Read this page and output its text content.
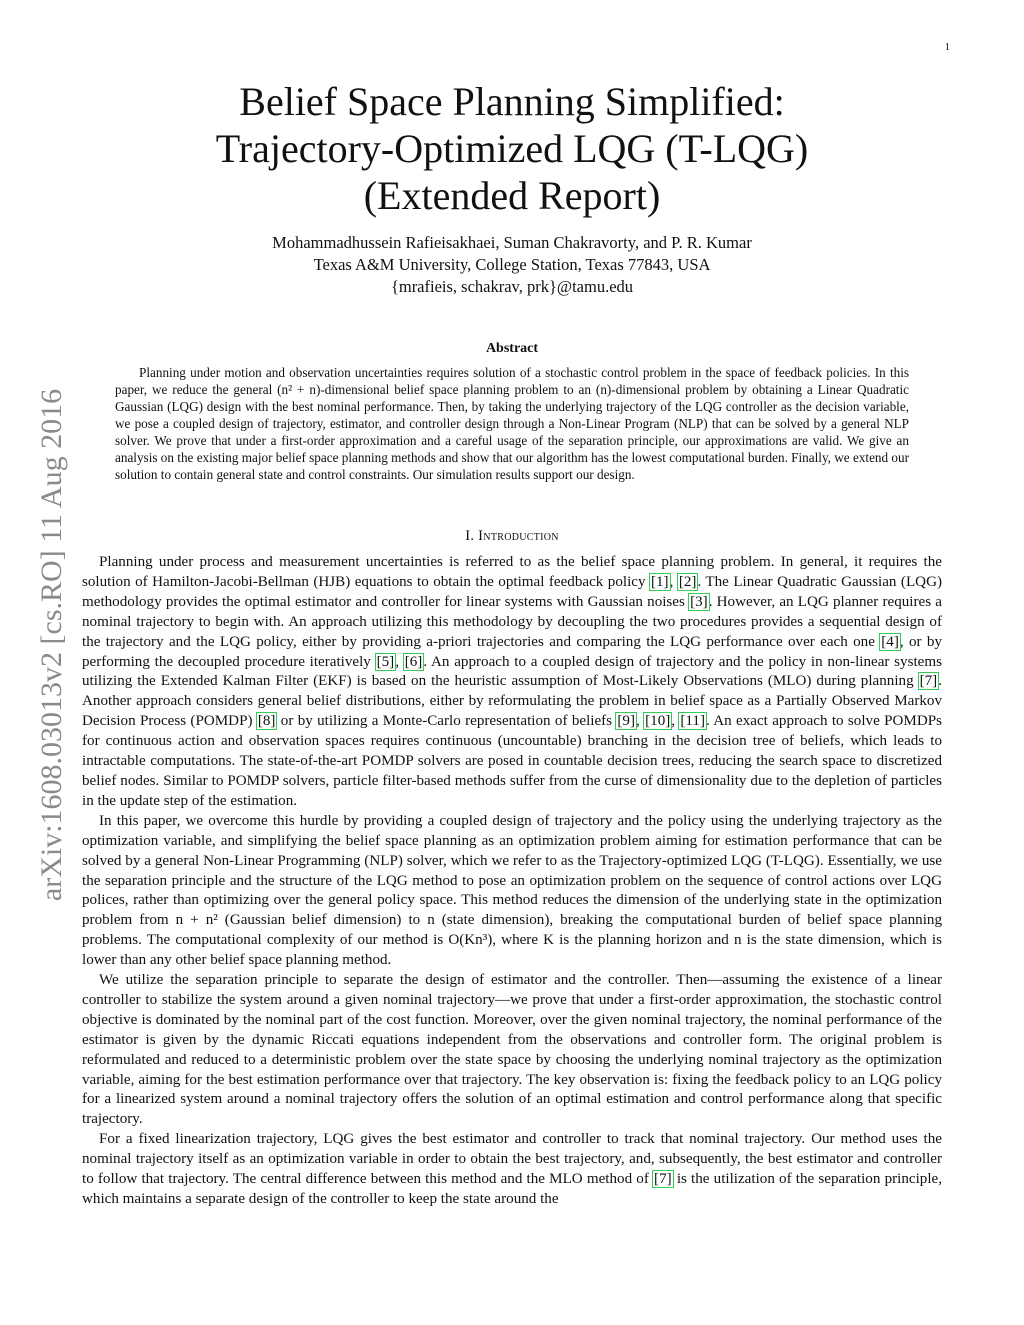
1
arXiv:1608.03013v2 [cs.RO] 11 Aug 2016
Belief Space Planning Simplified:
Trajectory-Optimized LQG (T-LQG)
(Extended Report)
Mohammadhussein Rafieisakhaei, Suman Chakravorty, and P. R. Kumar
Texas A&M University, College Station, Texas 77843, USA
{mrafieis, schakrav, prk}@tamu.edu
Abstract

Planning under motion and observation uncertainties requires solution of a stochastic control problem in the space of feedback policies. In this paper, we reduce the general (n² + n)-dimensional belief space planning problem to an (n)-dimensional problem by obtaining a Linear Quadratic Gaussian (LQG) design with the best nominal performance. Then, by taking the underlying trajectory of the LQG controller as the decision variable, we pose a coupled design of trajectory, estimator, and controller design through a Non-Linear Program (NLP) that can be solved by a general NLP solver. We prove that under a first-order approximation and a careful usage of the separation principle, our approximations are valid. We give an analysis on the existing major belief space planning methods and show that our algorithm has the lowest computational burden. Finally, we extend our solution to contain general state and control constraints. Our simulation results support our design.

I. Introduction

Planning under process and measurement uncertainties is referred to as the belief space planning problem. In general, it requires the solution of Hamilton-Jacobi-Bellman (HJB) equations to obtain the optimal feedback policy [1], [2]. The Linear Quadratic Gaussian (LQG) methodology provides the optimal estimator and controller for linear systems with Gaussian noises [3]. However, an LQG planner requires a nominal trajectory to begin with. An approach utilizing this methodology by decoupling the two procedures provides a sequential design of the trajectory and the LQG policy, either by providing a-priori trajectories and comparing the LQG performance over each one [4], or by performing the decoupled procedure iteratively [5], [6]. An approach to a coupled design of trajectory and the policy in non-linear systems utilizing the Extended Kalman Filter (EKF) is based on the heuristic assumption of Most-Likely Observations (MLO) during planning [7]. Another approach considers general belief distributions, either by reformulating the problem in belief space as a Partially Observed Markov Decision Process (POMDP) [8] or by utilizing a Monte-Carlo representation of beliefs [9], [10], [11]. An exact approach to solve POMDPs for continuous action and observation spaces requires continuous (uncountable) branching in the decision tree of beliefs, which leads to intractable computations. The state-of-the-art POMDP solvers are posed in countable decision trees, reducing the search space to discretized belief nodes. Similar to POMDP solvers, particle filter-based methods suffer from the curse of dimensionality due to the depletion of particles in the update step of the estimation.

In this paper, we overcome this hurdle by providing a coupled design of trajectory and the policy using the underlying trajectory as the optimization variable, and simplifying the belief space planning as an optimization problem aiming for estimation performance that can be solved by a general Non-Linear Programming (NLP) solver, which we refer to as the Trajectory-optimized LQG (T-LQG). Essentially, we use the separation principle and the structure of the LQG method to pose an optimization problem on the sequence of control actions over LQG polices, rather than optimizing over the general policy space. This method reduces the dimension of the underlying state in the optimization problem from n + n² (Gaussian belief dimension) to n (state dimension), breaking the computational burden of belief space planning problems. The computational complexity of our method is O(Kn³), where K is the planning horizon and n is the state dimension, which is lower than any other belief space planning method.

We utilize the separation principle to separate the design of estimator and the controller. Then—assuming the existence of a linear controller to stabilize the system around a given nominal trajectory—we prove that under a first-order approximation, the stochastic control objective is dominated by the nominal part of the cost function. Moreover, over the given nominal trajectory, the nominal performance of the estimator is given by the dynamic Riccati equations independent from the observations and controller form. The original problem is reformulated and reduced to a deterministic problem over the state space by choosing the underlying nominal trajectory as the optimization variable, aiming for the best estimation performance over that trajectory. The key observation is: fixing the feedback policy to an LQG policy for a linearized system around a nominal trajectory offers the solution of an optimal estimation and control performance along that specific trajectory.

For a fixed linearization trajectory, LQG gives the best estimator and controller to track that nominal trajectory. Our method uses the nominal trajectory itself as an optimization variable in order to obtain the best trajectory, and, subsequently, the best estimator and controller to follow that trajectory. The central difference between this method and the MLO method of [7] is the utilization of the separation principle, which maintains a separate design of the controller to keep the state around the
